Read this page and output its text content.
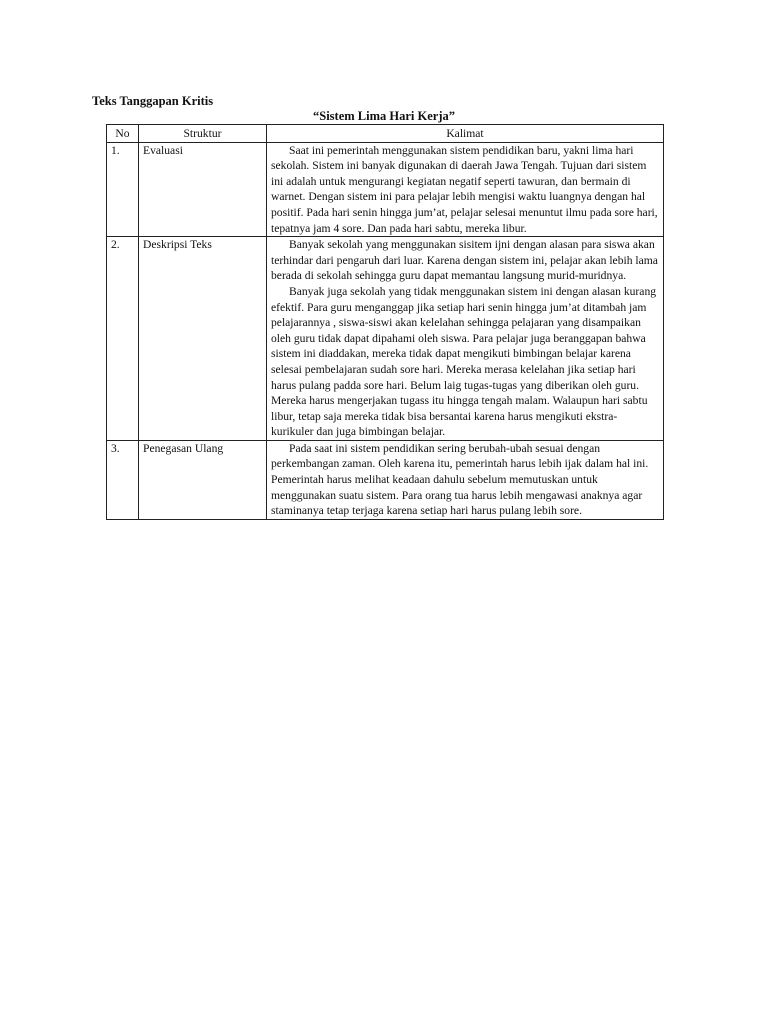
Teks Tanggapan Kritis

“Sistem Lima Hari Kerja”

No	Struktur	Kalimat
1.	Evaluasi	Saat ini pemerintah menggunakan sistem pendidikan baru, yakni lima hari sekolah. Sistem ini banyak digunakan di daerah Jawa Tengah. Tujuan dari sistem ini adalah untuk mengurangi kegiatan negatif seperti tawuran, dan bermain di warnet. Dengan sistem ini para pelajar lebih mengisi waktu luangnya dengan hal positif. Pada hari senin hingga jum’at, pelajar selesai menuntut ilmu pada sore hari, tepatnya jam 4 sore. Dan pada hari sabtu, mereka libur.

2.	Deskripsi Teks	Banyak sekolah yang menggunakan sisitem ijni dengan alasan para siswa akan terhindar dari pengaruh dari luar. Karena dengan sistem ini, pelajar akan lebih lama berada di sekolah sehingga guru dapat memantau langsung murid-muridnya.

Banyak juga sekolah yang tidak menggunakan sistem ini dengan alasan kurang efektif. Para guru menganggap jika setiap hari senin hingga jum’at ditambah jam pelajarannya , siswa-siswi akan kelelahan sehingga pelajaran yang disampaikan oleh guru tidak dapat dipahami oleh siswa. Para pelajar juga beranggapan bahwa sistem ini diaddakan, mereka tidak dapat mengikuti bimbingan belajar karena selesai pembelajaran sudah sore hari. Mereka merasa kelelahan jika setiap hari harus pulang padda sore hari. Belum laig tugas-tugas yang diberikan oleh guru. Mereka harus mengerjakan tugass itu hingga tengah malam. Walaupun hari sabtu libur, tetap saja mereka tidak bisa bersantai karena harus mengikuti ekstra-kurikuler dan juga bimbingan belajar.

3.	Penegasan Ulang	Pada saat ini sistem pendidikan sering berubah-ubah sesuai dengan perkembangan zaman. Oleh karena itu, pemerintah harus lebih ijak dalam hal ini. Pemerintah harus melihat keadaan dahulu sebelum memutuskan untuk menggunakan suatu sistem. Para orang tua harus lebih mengawasi anaknya agar staminanya tetap terjaga karena setiap hari harus pulang lebih sore.
